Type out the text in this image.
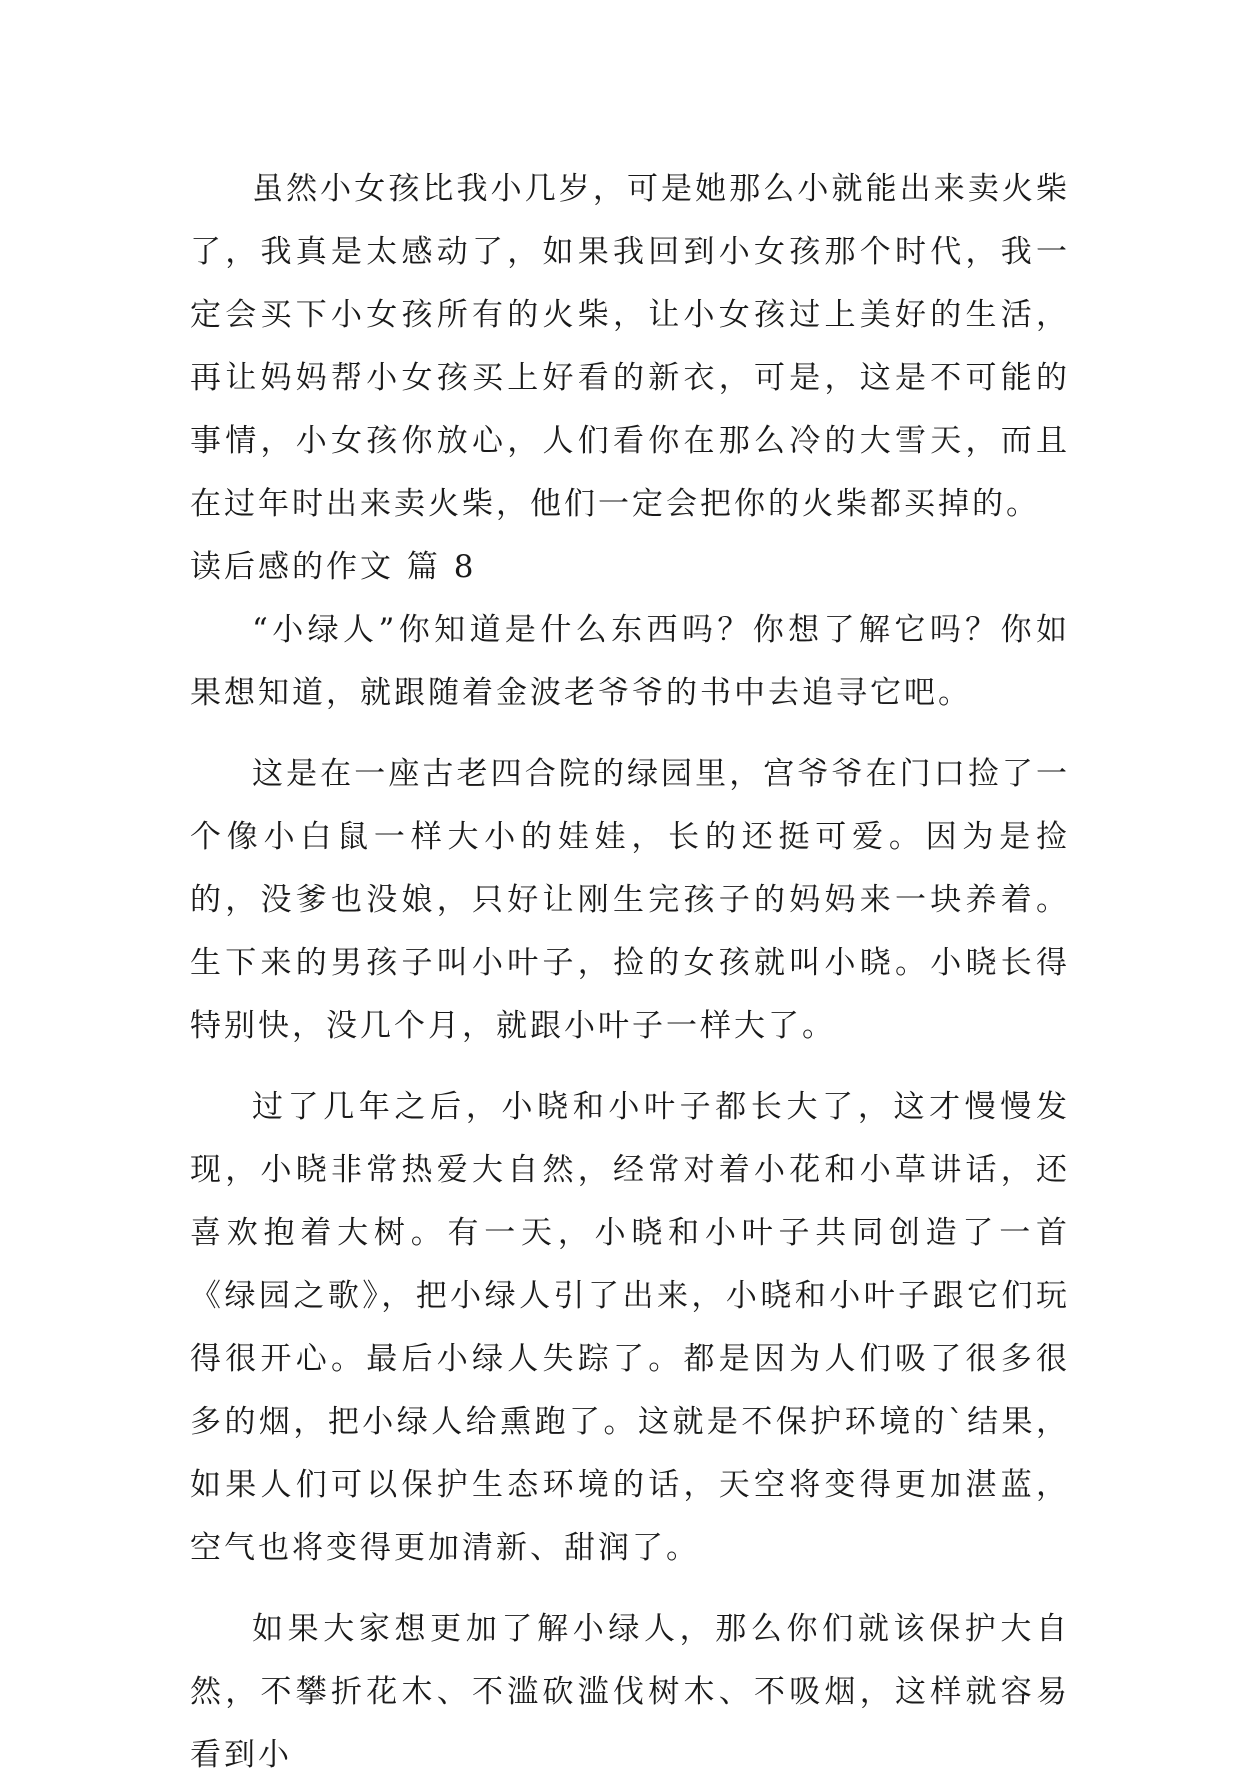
虽然小女孩比我小几岁，可是她那么小就能出来卖火柴了，我真是太感动了，如果我回到小女孩那个时代，我一定会买下小女孩所有的火柴，让小女孩过上美好的生活，再让妈妈帮小女孩买上好看的新衣，可是，这是不可能的事情，小女孩你放心，人们看你在那么冷的大雪天，而且在过年时出来卖火柴，他们一定会把你的火柴都买掉的。

读后感的作文 篇 8

“小绿人”你知道是什么东西吗？你想了解它吗？你如果想知道，就跟随着金波老爷爷的书中去追寻它吧。

这是在一座古老四合院的绿园里，宫爷爷在门口捡了一个像小白鼠一样大小的娃娃，长的还挺可爱。因为是捡的，没爹也没娘，只好让刚生完孩子的妈妈来一块养着。生下来的男孩子叫小叶子，捡的女孩就叫小晓。小晓长得特别快，没几个月，就跟小叶子一样大了。

过了几年之后，小晓和小叶子都长大了，这才慢慢发现，小晓非常热爱大自然，经常对着小花和小草讲话，还喜欢抱着大树。有一天，小晓和小叶子共同创造了一首《绿园之歌》，把小绿人引了出来，小晓和小叶子跟它们玩得很开心。最后小绿人失踪了。都是因为人们吸了很多很多的烟，把小绿人给熏跑了。这就是不保护环境的`结果，如果人们可以保护生态环境的话，天空将变得更加湛蓝，空气也将变得更加清新、甜润了。

如果大家想更加了解小绿人，那么你们就该保护大自然，不攀折花木、不滥砍滥伐树木、不吸烟，这样就容易看到小
